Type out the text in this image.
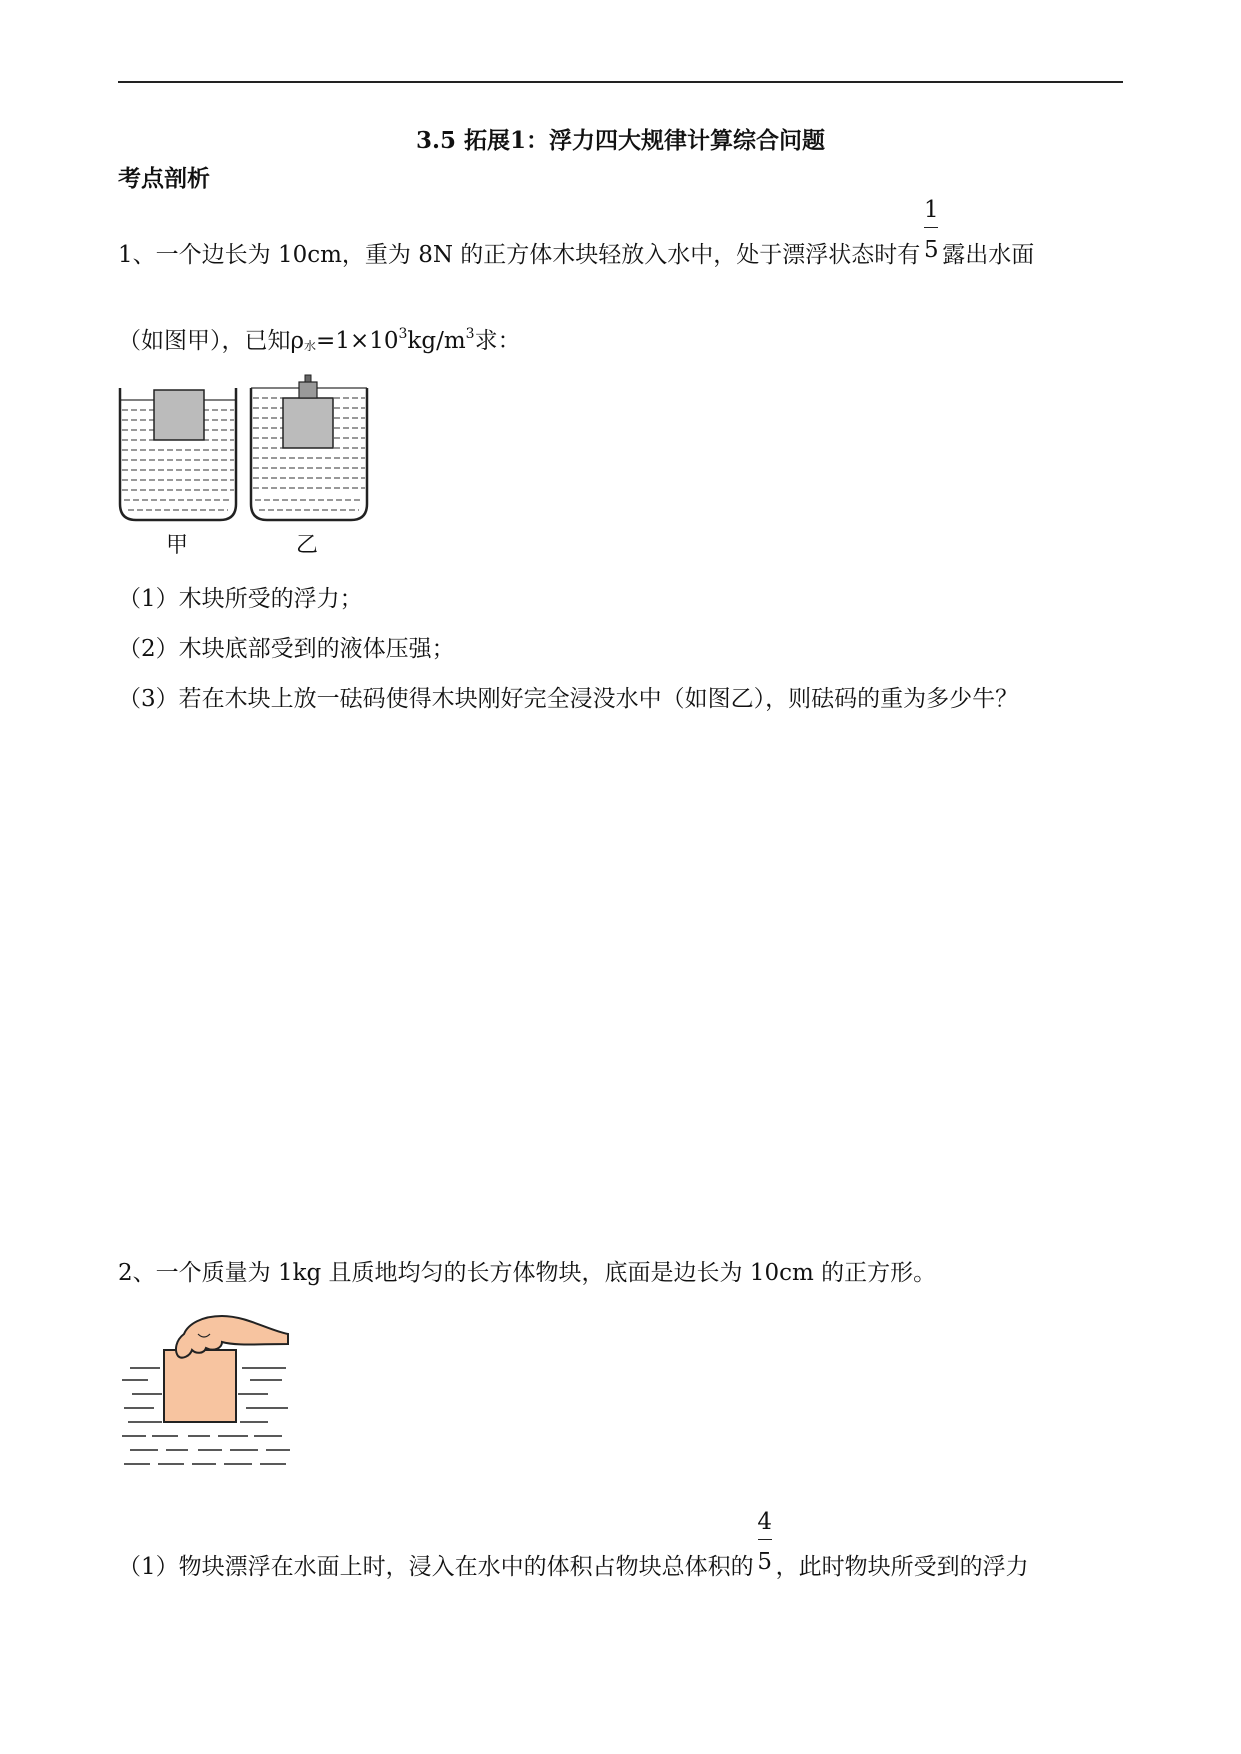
3.5 拓展1：浮力四大规律计算综合问题
考点剖析
1、一个边长为 10cm，重为 8N 的正方体木块轻放入水中，处于漂浮状态时有 $\frac{1}{5}$ 露出水面
（如图甲），已知$\rho_水=1\times 10^3kg/m^3$求：
甲	乙
（1）木块所受的浮力；
（2）木块底部受到的液体压强；
（3）若在木块上放一砝码使得木块刚好完全浸没水中（如图乙），则砝码的重为多少牛？
2、一个质量为 1kg 且质地均匀的长方体物块，底面是边长为 10cm 的正方形。
（1）物块漂浮在水面上时，浸入在水中的体积占物块总体积的 $\frac{4}{5}$ ，此时物块所受到的浮力
